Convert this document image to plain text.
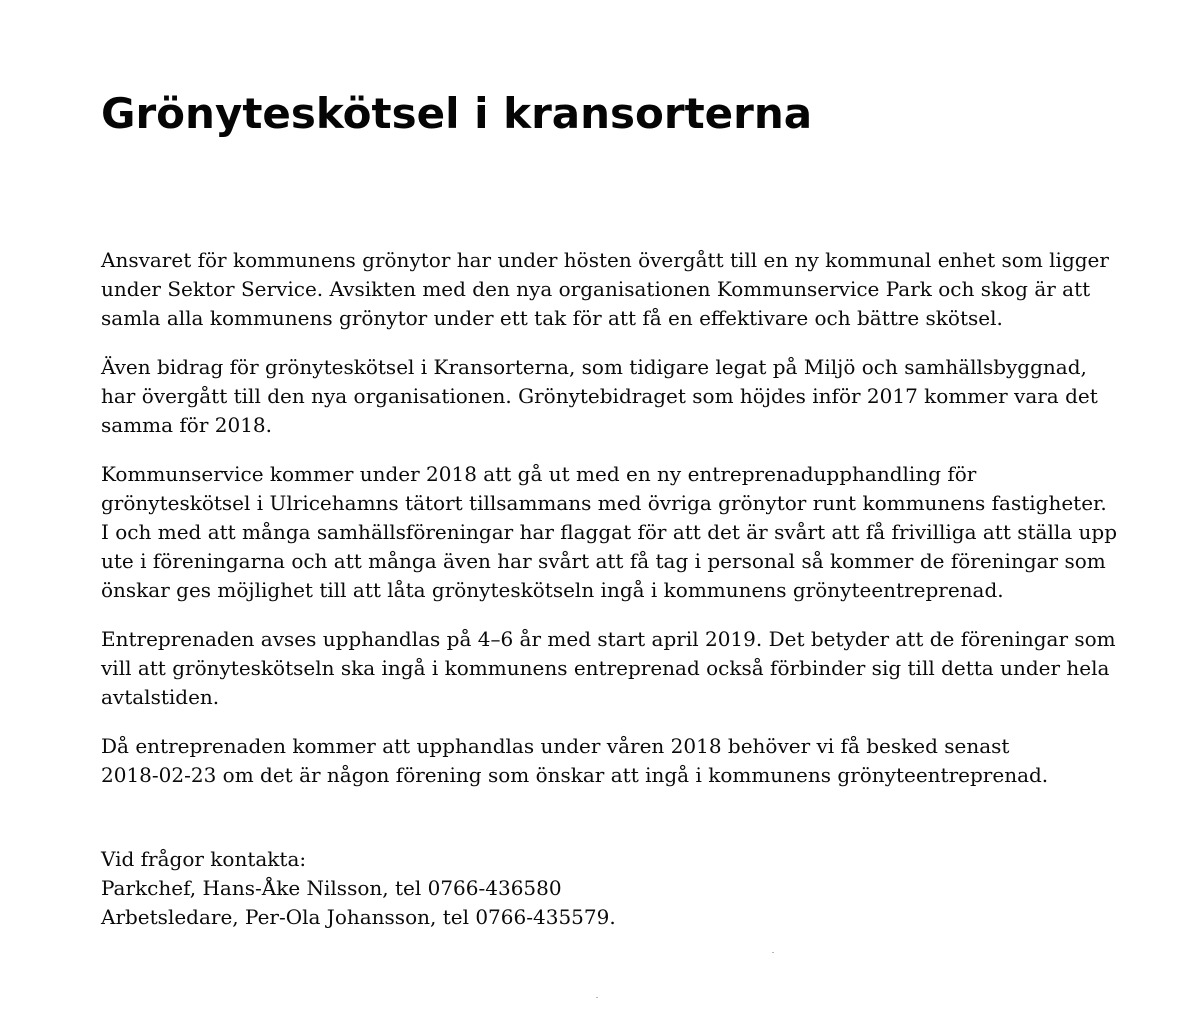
Grönyteskötsel i kransorterna

Ansvaret för kommunens grönytor har under hösten övergått till en ny kommunal enhet som ligger
under Sektor Service. Avsikten med den nya organisationen Kommunservice Park och skog är att
samla alla kommunens grönytor under ett tak för att få en effektivare och bättre skötsel.

Även bidrag för grönyteskötsel i Kransorterna, som tidigare legat på Miljö och samhällsbyggnad,
har övergått till den nya organisationen. Grönytebidraget som höjdes inför 2017 kommer vara det
samma för 2018.

Kommunservice kommer under 2018 att gå ut med en ny entreprenadupphandling för
grönyteskötsel i Ulricehamns tätort tillsammans med övriga grönytor runt kommunens fastigheter.
I och med att många samhällsföreningar har flaggat för att det är svårt att få frivilliga att ställa upp
ute i föreningarna och att många även har svårt att få tag i personal så kommer de föreningar som
önskar ges möjlighet till att låta grönyteskötseln ingå i kommunens grönyteentreprenad.

Entreprenaden avses upphandlas på 4–6 år med start april 2019. Det betyder att de föreningar som
vill att grönyteskötseln ska ingå i kommunens entreprenad också förbinder sig till detta under hela
avtalstiden.

Då entreprenaden kommer att upphandlas under våren 2018 behöver vi få besked senast
2018-02-23 om det är någon förening som önskar att ingå i kommunens grönyteentreprenad.

Vid frågor kontakta:
Parkchef, Hans-Åke Nilsson, tel 0766-436580
Arbetsledare, Per-Ola Johansson, tel 0766-435579.
